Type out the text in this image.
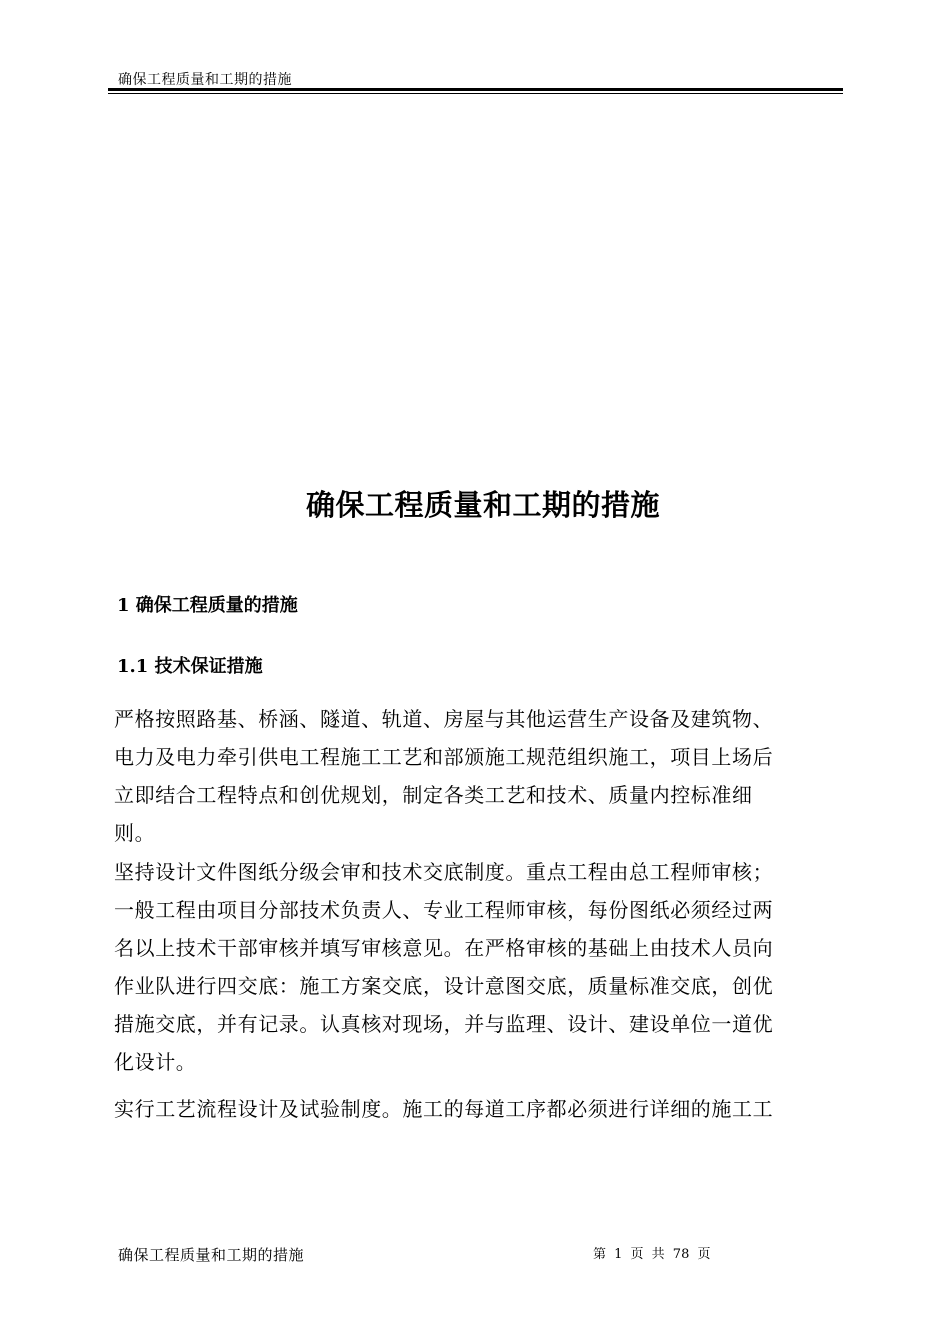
确保工程质量和工期的措施
确保工程质量和工期的措施
1 确保工程质量的措施
1.1 技术保证措施
严格按照路基、桥涵、隧道、轨道、房屋与其他运营生产设备及建筑物、
电力及电力牵引供电工程施工工艺和部颁施工规范组织施工，项目上场后
立即结合工程特点和创优规划，制定各类工艺和技术、质量内控标准细
则。
坚持设计文件图纸分级会审和技术交底制度。重点工程由总工程师审核；
一般工程由项目分部技术负责人、专业工程师审核，每份图纸必须经过两
名以上技术干部审核并填写审核意见。在严格审核的基础上由技术人员向
作业队进行四交底：施工方案交底，设计意图交底，质量标准交底，创优
措施交底，并有记录。认真核对现场，并与监理、设计、建设单位一道优
化设计。
实行工艺流程设计及试验制度。施工的每道工序都必须进行详细的施工工
确保工程质量和工期的措施	第 1 页 共 78 页
